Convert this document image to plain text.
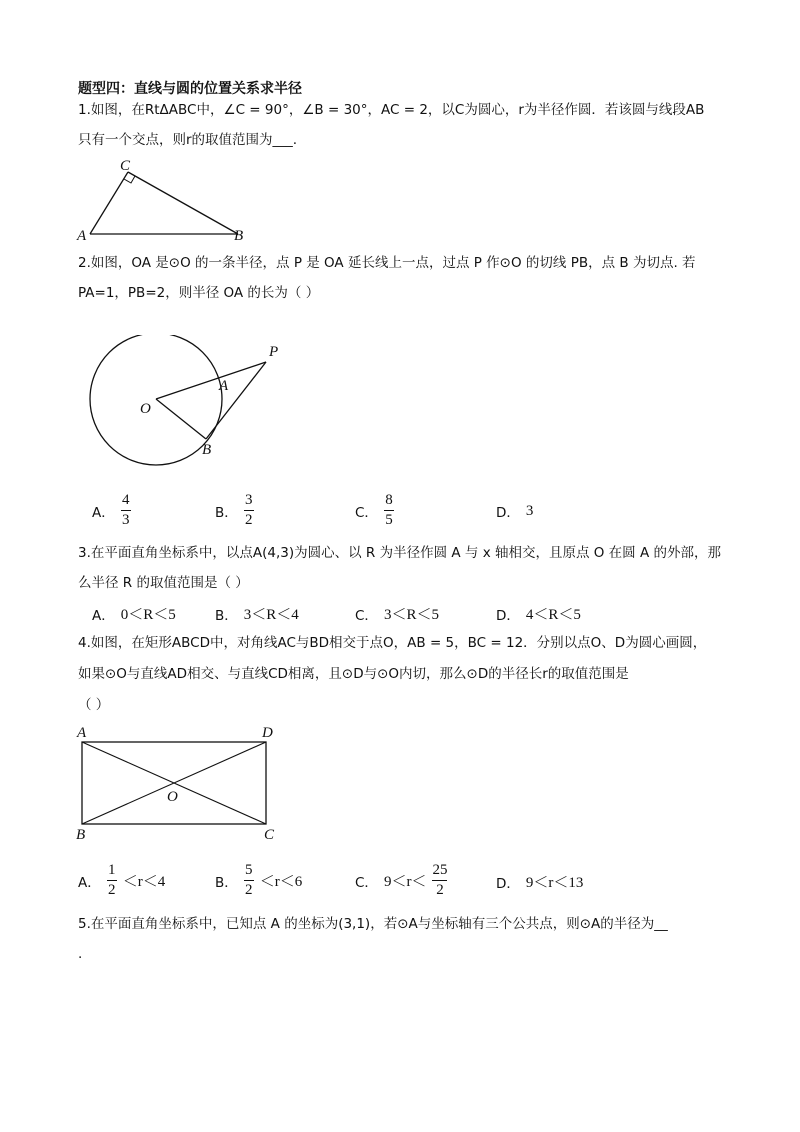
题型四：直线与圆的位置关系求半径
1.如图，在RtΔABC中，∠C = 90°，∠B = 30°，AC = 2，以C为圆心，r为半径作圆．若该圆与线段AB
只有一个交点，则r的取值范围为___.
C
A	B
2.如图，OA 是⊙O 的一条半径，点 P 是 OA 延长线上一点，过点 P 作⊙O 的切线 PB，点 B 为切点. 若
PA=1，PB=2，则半径 OA 的长为（ ）
P
A
O
B
A． $\frac{4}{3}$	B． $\frac{3}{2}$	C． $\frac{8}{5}$	D． 3
3.在平面直角坐标系中，以点A(4,3)为圆心、以 R 为半径作圆 A 与 x 轴相交，且原点 O 在圆 A 的外部，那
么半径 R 的取值范围是（ ）
A． 0＜R＜5	B． 3＜R＜4	C． 3＜R＜5	D． 4＜R＜5
4.如图，在矩形ABCD中，对角线AC与BD相交于点O，AB = 5，BC = 12．分别以点O、D为圆心画圆，
如果⊙O与直线AD相交、与直线CD相离，且⊙D与⊙O内切，那么⊙D的半径长r的取值范围是
（ ）
A	D
O
B	C
A． $\frac{1}{2} <r<4$	B． $\frac{5}{2} <r<6$	C． $9<r< \frac{25}{2}$	D． 9＜r＜13
5.在平面直角坐标系中，已知点 A 的坐标为(3,1)，若⊙A与坐标轴有三个公共点，则⊙A的半径为__
.
